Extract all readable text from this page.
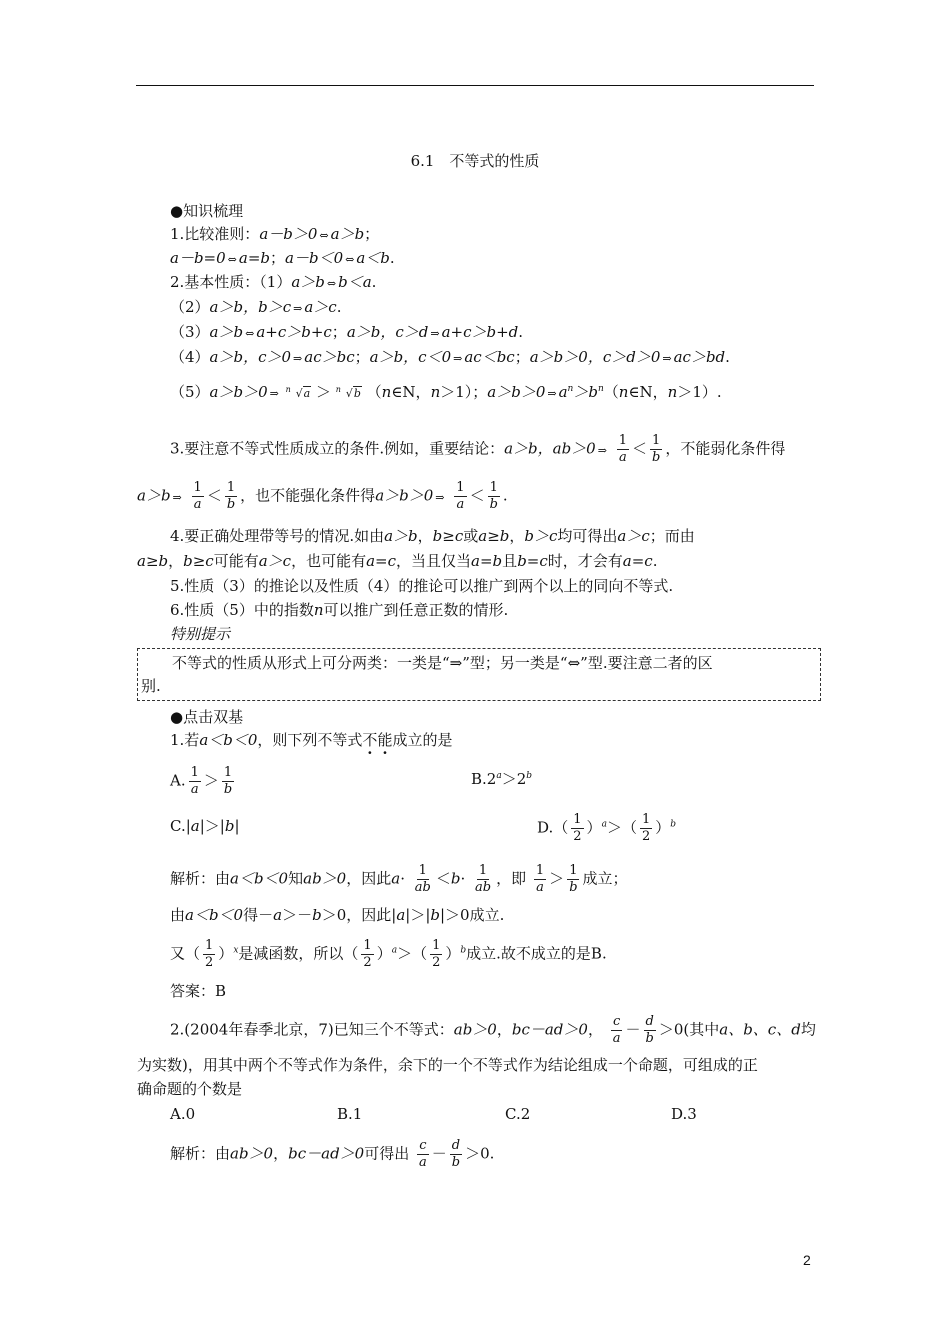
6.1　不等式的性质
●知识梳理
1.比较准则：a－b＞0 ⇔ a＞b；
a－b=0 ⇔ a=b；a－b＜0 ⇔ a＜b.
2.基本性质：（1）a＞b ⇔ b＜a.
（2）a＞b，b＞c ⇒ a＞c.
（3）a＞b ⇔ a+c＞b+c；a＞b，c＞d ⇒ a+c＞b+d.
（4）a＞b，c＞0 ⇒ ac＞bc；a＞b，c＜0 ⇒ ac＜bc；a＞b＞0，c＞d＞0 ⇒ ac＞bd.
（5）a＞b＞0 ⇒ n √a ＞ n √b （n∈N，n＞1）；a＞b＞0 ⇒ $a^n>b^n(n\in N$，n＞1）.
3.要注意不等式性质成立的条件.例如，重要结论：a＞b，ab＞0 ⇒ $\frac{1}{a} < \frac{1}{b}$ ，不能弱化条件得
a＞b ⇒ $\frac{1}{a} < \frac{1}{b}$ ，也不能强化条件得a＞b＞0 ⇒ $\frac{1}{a} < \frac{1}{b}$ .
4.要正确处理带等号的情况.如由a＞b，b≥c或a≥b，b＞c均可得出a＞c；而由
a≥b，b≥c可能有a＞c，也可能有a=c，当且仅当a=b且b=c时，才会有a=c.
5.性质（3）的推论以及性质（4）的推论可以推广到两个以上的同向不等式.
6.性质（5）中的指数n可以推广到任意正数的情形.
特别提示
不等式的性质从形式上可分两类：一类是“⇒”型；另一类是“⇔”型.要注意二者的区
别.
●点击双基
1.若a＜b＜0，则下列不等式不能成立的是
A. $\frac{1}{a} > \frac{1}{b}$	$B.2^a>2^b$
C.|a|＞|b|	$D.( \frac{1}{2} )^a>( \frac{1}{2} )^b$
解析：由a＜b＜0知ab＞0，因此$a\cdot \frac{1}{ab} <b\cdot \frac{1}{ab}$ ，即 $\frac{1}{a} > \frac{1}{b}$ 成立；
由a＜b＜0得－a＞－b＞0，因此|a|＞|b|＞0成立.
又（ $\frac{1}{2} )^x$是减函数，所以（ $\frac{1}{2} )^a>( \frac{1}{2} )^b$成立.故不成立的是B.
答案：B
2.(2004年春季北京，7)已知三个不等式：ab＞0，bc－ad＞0， $\frac{c}{a} - \frac{d}{b} >0$(其中a、b、c、d均
为实数)，用其中两个不等式作为条件，余下的一个不等式作为结论组成一个命题，可组成的正
确命题的个数是
A.0	B.1	C.2	D.3
解析：由ab＞0，bc－ad＞0可得出 $\frac{c}{a} - \frac{d}{b} >0$.
2
